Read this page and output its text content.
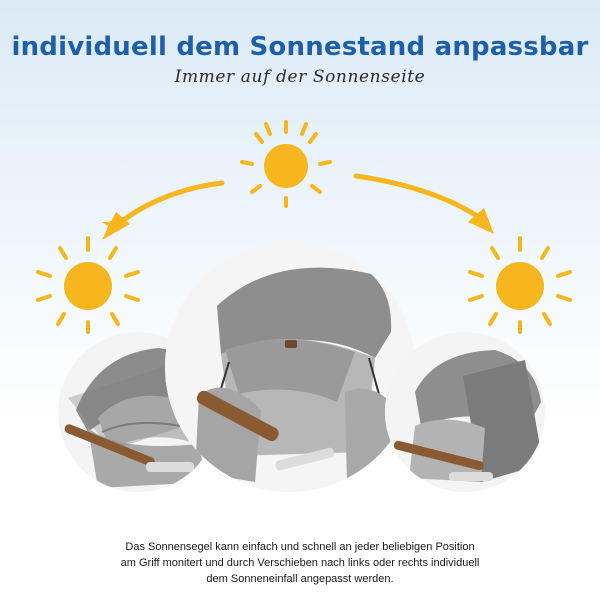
individuell dem Sonnestand anpassbar
Immer auf der Sonnenseite
Das Sonnensegel kann einfach und schnell an jeder beliebigen Position
am Griff monitert und durch Verschieben nach links oder rechts individuell
dem Sonneneinfall angepasst werden.
